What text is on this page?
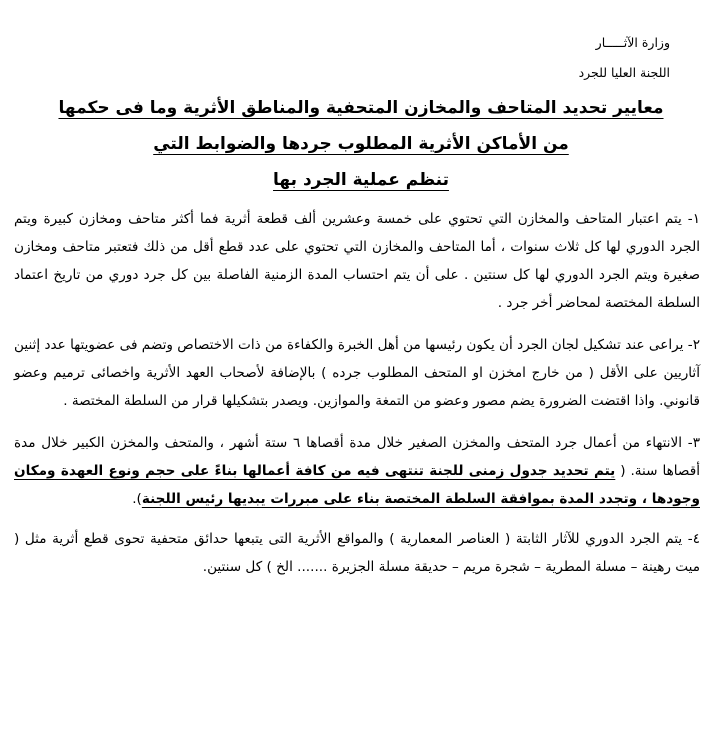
وزارة الآثـــــار
اللجنة العليا للجرد
معايير تحديد المتاحف والمخازن المتحفية والمناطق الأثرية وما فى حكمها
من الأماكن الأثرية المطلوب جردها والضوابط التي
تنظم عملية الجرد بها

١- يتم اعتبار المتاحف والمخازن التي تحتوي على خمسة وعشرين ألف قطعة أثرية فما أكثر متاحف ومخازن كبيرة ويتم الجرد الدوري لها كل ثلاث سنوات ، أما المتاحف والمخازن التي تحتوي على عدد قطع أقل من ذلك فتعتبر متاحف ومخازن صغيرة ويتم الجرد الدوري لها كل سنتين . على أن يتم احتساب المدة الزمنية الفاصلة بين كل جرد دوري من تاريخ اعتماد السلطة المختصة لمحاضر أخر جرد .

٢- يراعى عند تشكيل لجان الجرد أن يكون رئيسها من أهل الخبرة والكفاءة من ذات الاختصاص وتضم فى عضويتها عدد إثنين آثاريين على الأقل ( من خارج امخزن او المتحف المطلوب جرده ) بالإضافة لأصحاب العهد الأثرية واخصائى ترميم وعضو قانوني. واذا اقتضت الضرورة يضم مصور وعضو من التمغة والموازين. ويصدر بتشكيلها قرار من السلطة المختصة .

٣- الانتهاء من أعمال جرد المتحف والمخزن الصغير خلال مدة أقصاها ٦ ستة أشهر ، والمتحف والمخزن الكبير خلال مدة أقصاها سنة. ( يتم تحديد جدول زمنى للجنة تنتهى فيه من كافة أعمالها بناءً على حجم ونوع العهدة ومكان وجودها ، وتجدد المدة بموافقة السلطة المختصة بناء على مبررات يبديها رئيس اللجنة).

٤- يتم الجرد الدوري للآثار الثابتة ( العناصر المعمارية ) والمواقع الأثرية التى يتبعها حدائق متحفية تحوى قطع أثرية مثل ( ميت رهينة – مسلة المطرية – شجرة مريم – حديقة مسلة الجزيرة ....... الخ ) كل سنتين.
